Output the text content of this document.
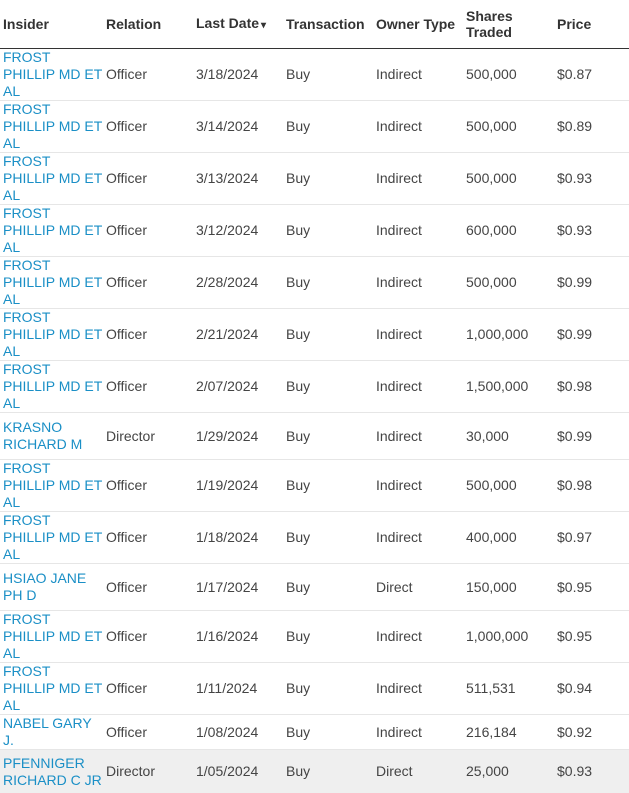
Insider	Relation	Last Date ▾	Transaction	Owner Type	Shares Traded	Price

FROST PHILLIP MD ET AL	Officer	3/18/2024	Buy	Indirect	500,000	$0.87

FROST PHILLIP MD ET AL	Officer	3/14/2024	Buy	Indirect	500,000	$0.89

FROST PHILLIP MD ET AL	Officer	3/13/2024	Buy	Indirect	500,000	$0.93

FROST PHILLIP MD ET AL	Officer	3/12/2024	Buy	Indirect	600,000	$0.93

FROST PHILLIP MD ET AL	Officer	2/28/2024	Buy	Indirect	500,000	$0.99

FROST PHILLIP MD ET AL	Officer	2/21/2024	Buy	Indirect	1,000,000	$0.99

FROST PHILLIP MD ET AL	Officer	2/07/2024	Buy	Indirect	1,500,000	$0.98

KRASNO RICHARD M	Director	1/29/2024	Buy	Indirect	30,000	$0.99

FROST PHILLIP MD ET AL	Officer	1/19/2024	Buy	Indirect	500,000	$0.98

FROST PHILLIP MD ET AL	Officer	1/18/2024	Buy	Indirect	400,000	$0.97

HSIAO JANE PH D	Officer	1/17/2024	Buy	Direct	150,000	$0.95

FROST PHILLIP MD ET AL	Officer	1/16/2024	Buy	Indirect	1,000,000	$0.95

FROST PHILLIP MD ET AL	Officer	1/11/2024	Buy	Indirect	511,531	$0.94

NABEL GARY J.	Officer	1/08/2024	Buy	Indirect	216,184	$0.92

PFENNIGER RICHARD C JR	Director	1/05/2024	Buy	Direct	25,000	$0.93
